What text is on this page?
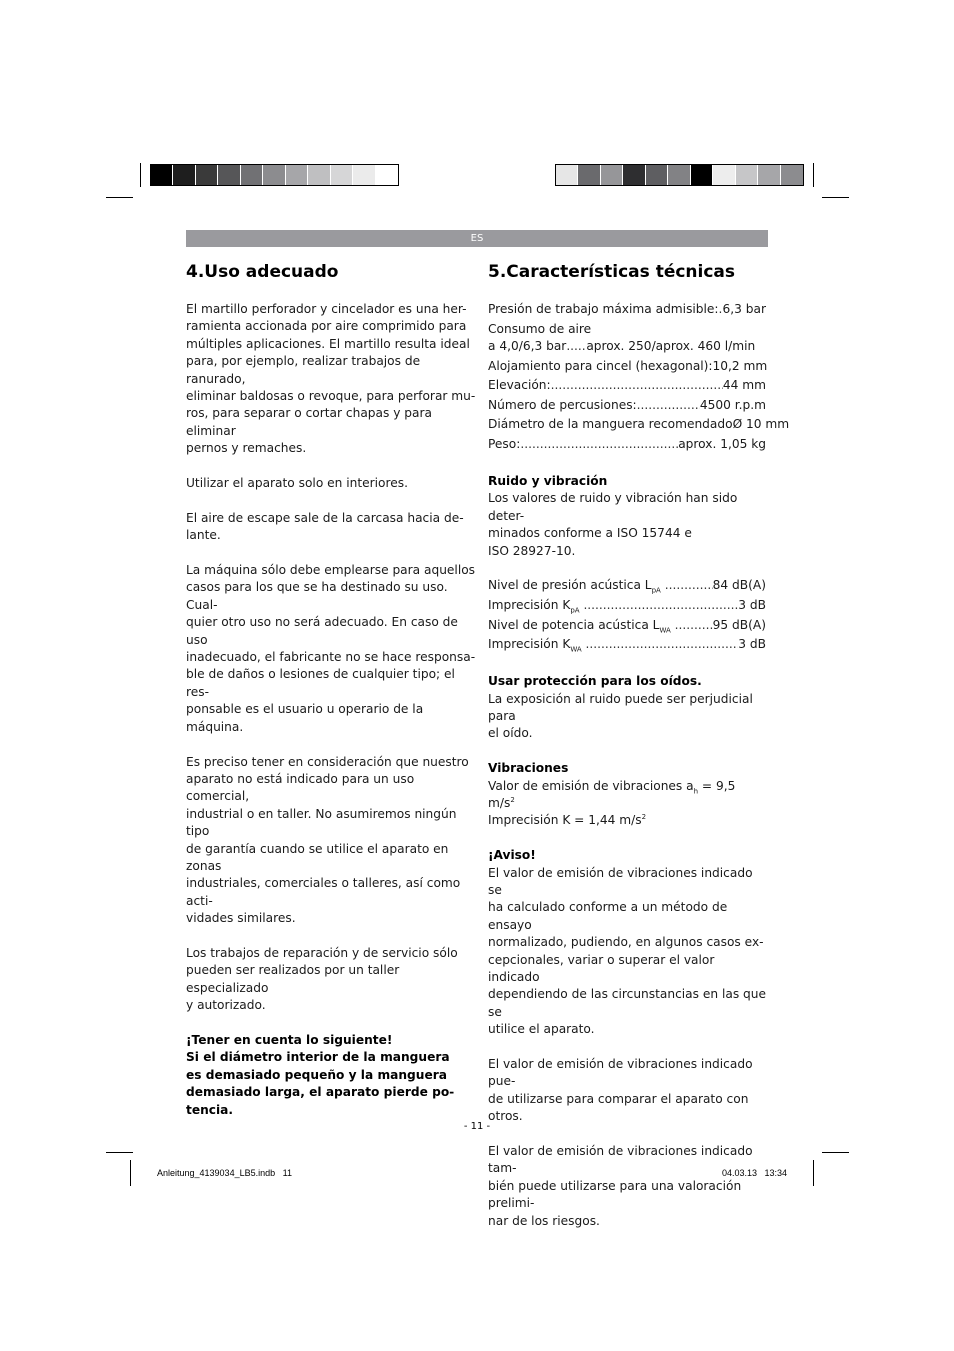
ES
4.Uso adecuado

El martillo perforador y cincelador es una her-

ramienta accionada por aire comprimido para

múltiples aplicaciones. El martillo resulta ideal

para, por ejemplo, realizar trabajos de ranurado,

eliminar baldosas o revoque, para perforar mu-

ros, para separar o cortar chapas y para eliminar

pernos y remaches.

Utilizar el aparato solo en interiores.

El aire de escape sale de la carcasa hacia de-

lante.

La máquina sólo debe emplearse para aquellos

casos para los que se ha destinado su uso. Cual-

quier otro uso no será adecuado. En caso de uso

inadecuado, el fabricante no se hace responsa-

ble de daños o lesiones de cualquier tipo; el res-

ponsable es el usuario u operario de la máquina.

Es preciso tener en consideración que nuestro

aparato no está indicado para un uso comercial,

industrial o en taller. No asumiremos ningún tipo

de garantía cuando se utilice el aparato en zonas

industriales, comerciales o talleres, así como acti-

vidades similares.

Los trabajos de reparación y de servicio sólo

pueden ser realizados por un taller especializado

y autorizado.

¡Tener en cuenta lo siguiente!

Si el diámetro interior de la manguera

es demasiado pequeño y la manguera

demasiado larga, el aparato pierde po-

tencia.

5.Características técnicas
Presión de trabajo máxima admisible: ..... 6,3 bar
Consumo de aire
a 4,0/6,3 bar ..... aprox. 250/aprox. 460 l/min
Alojamiento para cincel (hexagonal): 10,2 mm
Elevación: .....	44 mm
Número de percusiones: .....	4500 r.p.m
Diámetro de la manguera recomendado Ø 10 mm
Peso: .....	aprox. 1,05 kg

Ruido y vibración

Los valores de ruido y vibración han sido deter-

minados conforme a ISO 15744 e

ISO 28927-10.

Nivel de presión acústica $L_{pA}$ .....	84 dB(A)
Imprecisión $K_{pA}$ .....	3 dB
Nivel de potencia acústica $L_{WA}$ .....	95 dB(A)
Imprecisión $K_{WA}$ .....	3 dB

Usar protección para los oídos.

La exposición al ruido puede ser perjudicial para

el oído.

Vibraciones

Valor de emisión de vibraciones $a_h = 9,5$ $m/s^2$

Imprecisión K = 1,44 $m/s^2$

¡Aviso!

El valor de emisión de vibraciones indicado se

ha calculado conforme a un método de ensayo

normalizado, pudiendo, en algunos casos ex-

cepcionales, variar o superar el valor indicado

dependiendo de las circunstancias en las que se

utilice el aparato.

El valor de emisión de vibraciones indicado pue-

de utilizarse para comparar el aparato con otros.

El valor de emisión de vibraciones indicado tam-

bién puede utilizarse para una valoración prelimi-

nar de los riesgos.

- 11 -
Anleitung_4139034_LB5.indb   11	04.03.13   13:34
